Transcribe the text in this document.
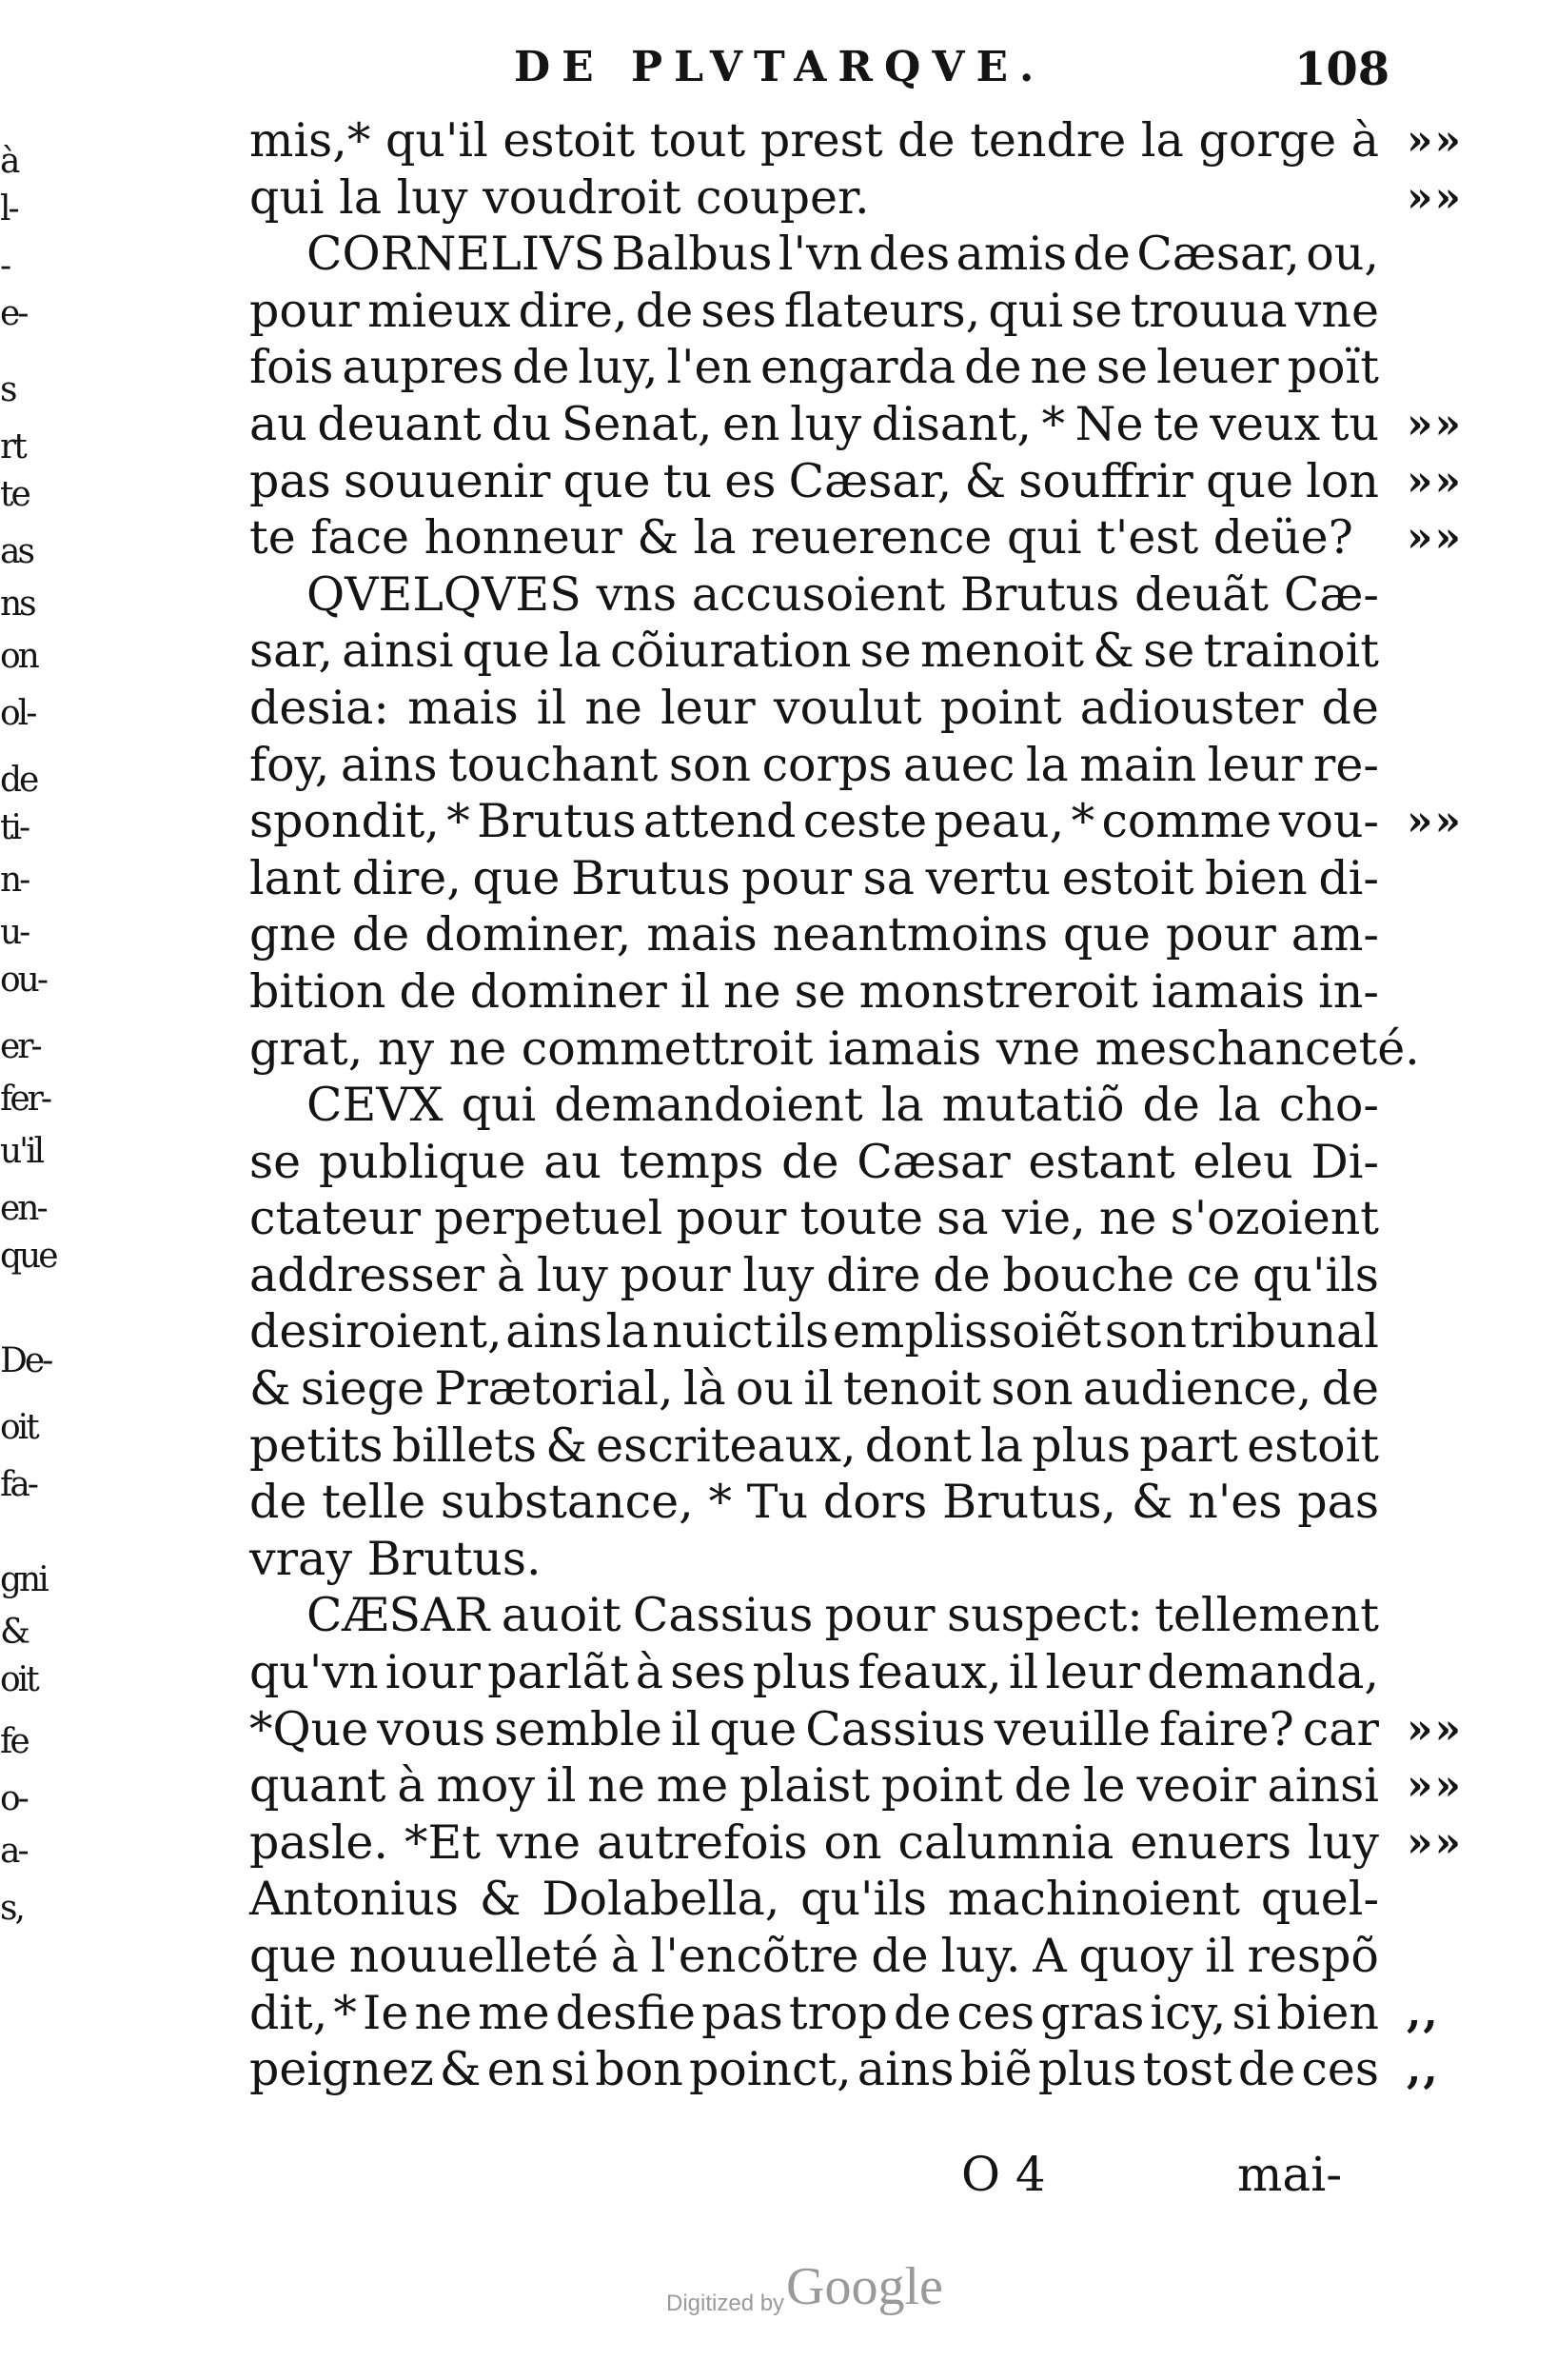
à
l-
-
e-
s
rt
te
as
ns
on
ol-
de
ti-
n-
u-
ou-
er-
fer-
u'il
en-
que
De-
oit
fa-
gni
&
oit
fe
o-
a-
s,
DE PLVTARQVE.	108
mis,* qu'il estoit tout prest de tendre la gorge à
qui la luy voudroit couper.
CORNELIVS Balbus l'vn des amis de Cæsar, ou,
pour mieux dire, de ses flateurs, qui se trouua vne
fois aupres de luy, l'en engarda de ne se leuer poït
au deuant du Senat, en luy disant, * Ne te veux tu
pas souuenir que tu es Cæsar, & souffrir que lon
te face honneur & la reuerence qui t'est deüe?
QVELQVES vns accusoient Brutus deuãt Cæ-
sar, ainsi que la cõiuration se menoit & se trainoit
desia: mais il ne leur voulut point adiouster de
foy, ains touchant son corps auec la main leur re-
spondit, * Brutus attend ceste peau, * comme vou-
lant dire, que Brutus pour sa vertu estoit bien di-
gne de dominer, mais neantmoins que pour am-
bition de dominer il ne se monstreroit iamais in-
grat, ny ne commettroit iamais vne meschanceté.
CEVX qui demandoient la mutatiõ de la cho-
se publique au temps de Cæsar estant eleu Di-
ctateur perpetuel pour toute sa vie, ne s'ozoient
addresser à luy pour luy dire de bouche ce qu'ils
desiroient, ains la nuict ils emplissoiẽt son tribunal
& siege Prætorial, là ou il tenoit son audience, de
petits billets & escriteaux, dont la plus part estoit
de telle substance, * Tu dors Brutus, & n'es pas
vray Brutus.
CÆSAR auoit Cassius pour suspect: tellement
qu'vn iour parlãt à ses plus feaux, il leur demanda,
*Que vous semble il que Cassius veuille faire? car
quant à moy il ne me plaist point de le veoir ainsi
pasle. *Et vne autrefois on calumnia enuers luy
Antonius & Dolabella, qu'ils machinoient quel-
que nouuelleté à l'encõtre de luy. A quoy il respõ
dit, * Ie ne me desfie pas trop de ces gras icy, si bien
peignez & en si bon poinct, ains biẽ plus tost de ces
»»
»»
»»
»»
»»
»»
»»
»»
»»
,,
,,
O 4	mai-
Digitized by Google
